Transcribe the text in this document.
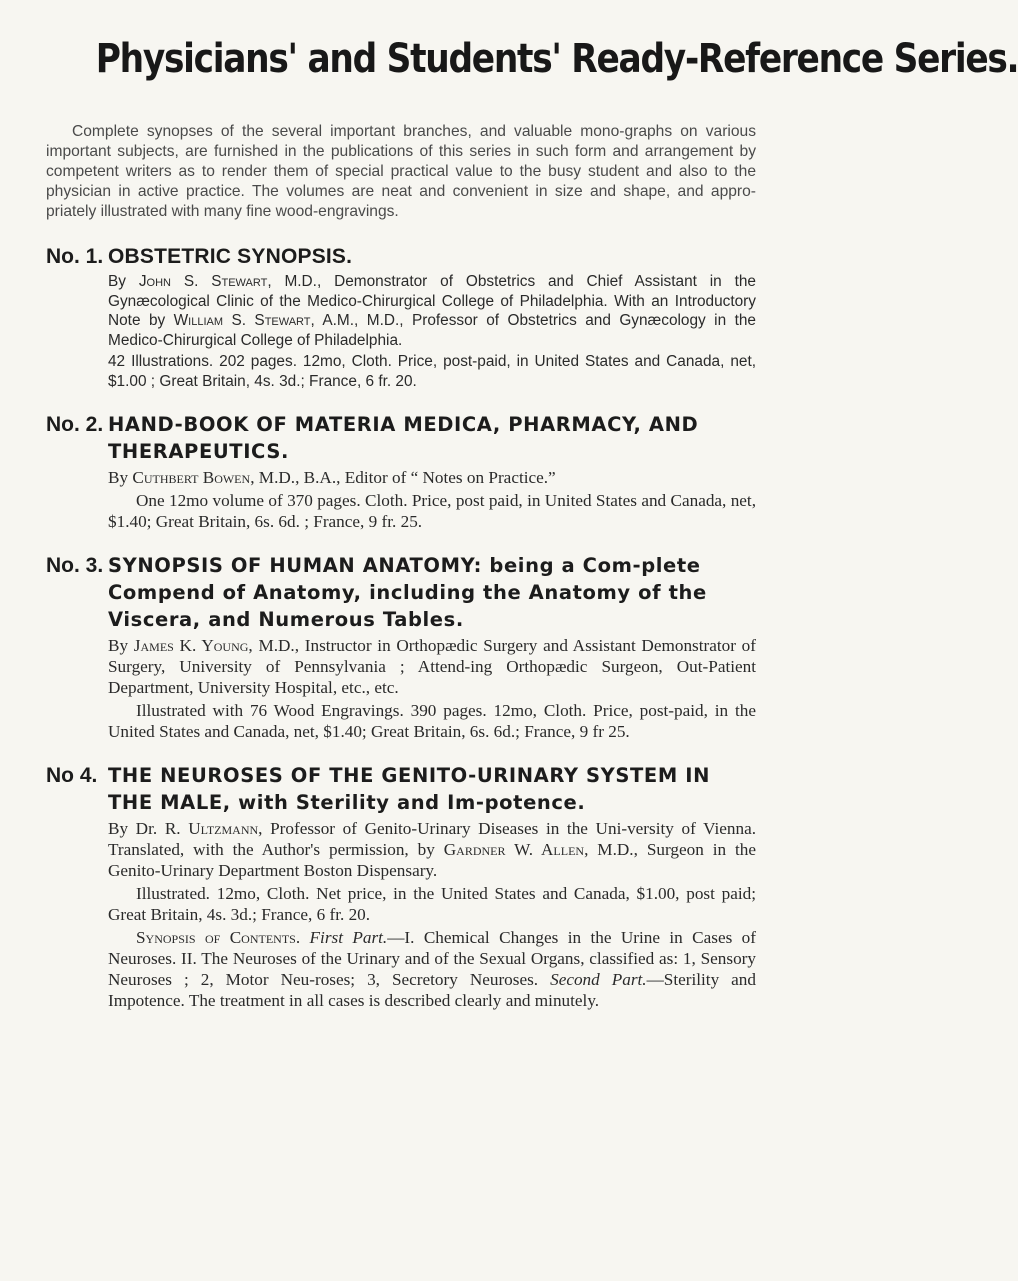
Physicians' and Students' Ready-Reference Series.

Complete synopses of the several important branches, and valuable mono-graphs on various important subjects, are furnished in the publications of this series in such form and arrangement by competent writers as to render them of special practical value to the busy student and also to the physician in active practice. The volumes are neat and convenient in size and shape, and appro-priately illustrated with many fine wood-engravings.

No. 1. OBSTETRIC SYNOPSIS.

By John S. Stewart, M.D., Demonstrator of Obstetrics and Chief Assistant in the Gynæcological Clinic of the Medico-Chirurgical College of Philadelphia. With an Introductory Note by William S. Stewart, A.M., M.D., Professor of Obstetrics and Gynæcology in the Medico-Chirurgical College of Philadelphia.

42 Illustrations. 202 pages. 12mo, Cloth. Price, post-paid, in United States and Canada, net, $1.00 ; Great Britain, 4s. 3d.; France, 6 fr. 20.

No. 2. HAND-BOOK OF MATERIA MEDICA, PHARMACY, AND THERAPEUTICS.

By Cuthbert Bowen, M.D., B.A., Editor of “ Notes on Practice.”

One 12mo volume of 370 pages. Cloth. Price, post paid, in United States and Canada, net, $1.40; Great Britain, 6s. 6d. ; France, 9 fr. 25.

No. 3. SYNOPSIS OF HUMAN ANATOMY: being a Com-plete Compend of Anatomy, including the Anatomy of the Viscera, and Numerous Tables.

By James K. Young, M.D., Instructor in Orthopædic Surgery and Assistant Demonstrator of Surgery, University of Pennsylvania ; Attend-ing Orthopædic Surgeon, Out-Patient Department, University Hospital, etc., etc.

Illustrated with 76 Wood Engravings. 390 pages. 12mo, Cloth. Price, post-paid, in the United States and Canada, net, $1.40; Great Britain, 6s. 6d.; France, 9 fr 25.

No 4. THE NEUROSES OF THE GENITO-URINARY SYSTEM IN THE MALE, with Sterility and Im-potence.

By Dr. R. Ultzmann, Professor of Genito-Urinary Diseases in the Uni-versity of Vienna. Translated, with the Author's permission, by Gardner W. Allen, M.D., Surgeon in the Genito-Urinary Department Boston Dispensary.

Illustrated. 12mo, Cloth. Net price, in the United States and Canada, $1.00, post paid; Great Britain, 4s. 3d.; France, 6 fr. 20.

Synopsis of Contents. First Part.—I. Chemical Changes in the Urine in Cases of Neuroses. II. The Neuroses of the Urinary and of the Sexual Organs, classified as: 1, Sensory Neuroses ; 2, Motor Neu-roses; 3, Secretory Neuroses. Second Part.—Sterility and Impotence. The treatment in all cases is described clearly and minutely.
